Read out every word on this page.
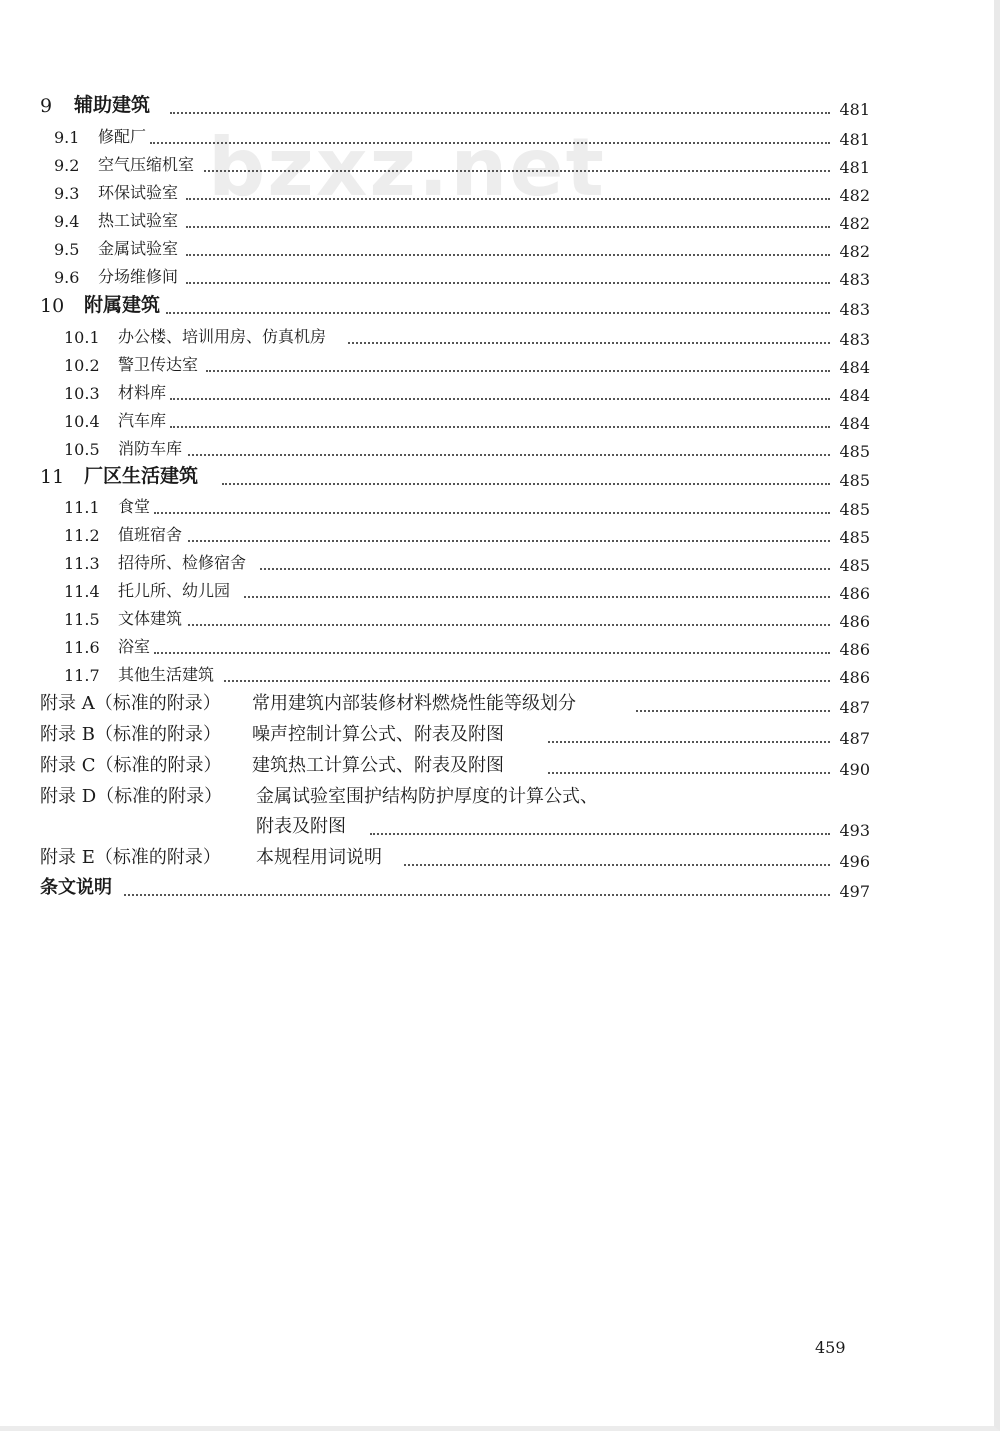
bzxz.net
9 辅助建筑	481
9.1 修配厂	481
9.2 空气压缩机室	481
9.3 环保试验室	482
9.4 热工试验室	482
9.5 金属试验室	482
9.6 分场维修间	483
10 附属建筑	483
10.1 办公楼、培训用房、仿真机房	483
10.2 警卫传达室	484
10.3 材料库	484
10.4 汽车库	484
10.5 消防车库	485
11 厂区生活建筑	485
11.1 食堂	485
11.2 值班宿舍	485
11.3 招待所、检修宿舍	485
11.4 托儿所、幼儿园	486
11.5 文体建筑	486
11.6 浴室	486
11.7 其他生活建筑	486
附录 A（标准的附录） 常用建筑内部装修材料燃烧性能等级划分	487
附录 B（标准的附录） 噪声控制计算公式、附表及附图	487
附录 C（标准的附录） 建筑热工计算公式、附表及附图	490
附录 D（标准的附录） 金属试验室围护结构防护厚度的计算公式、
附表及附图	493
附录 E（标准的附录） 本规程用词说明	496
条文说明	497
459
